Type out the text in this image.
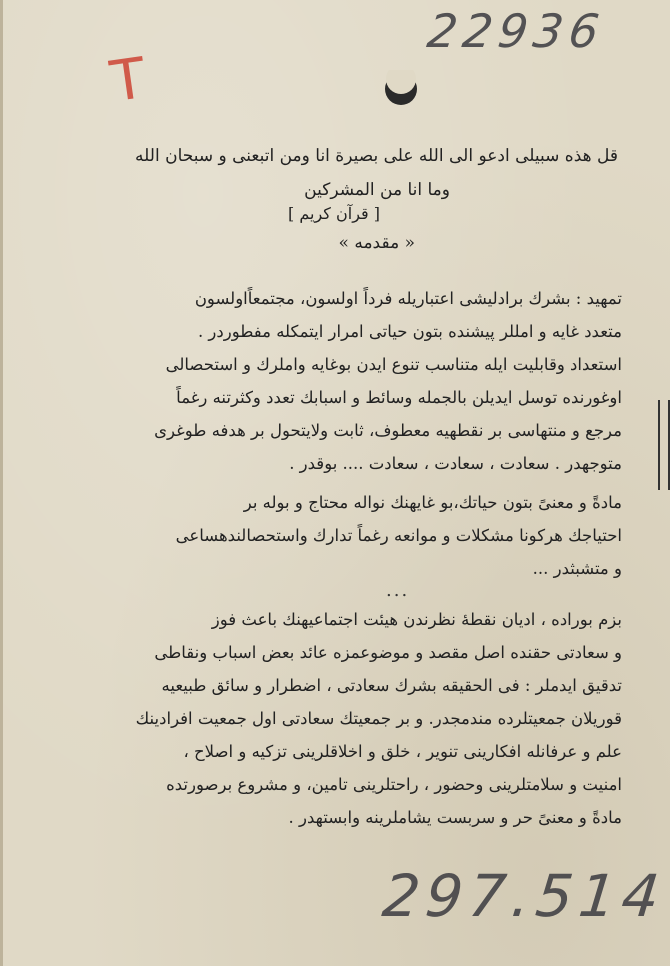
22936
T
قل هذه سبيلى ادعو الى الله على بصيرة انا ومن اتبعنى و سبحان الله
وما انا من المشركين
[ قرآن كريم ]
« مقدمه »
تمهيد : بشرك برادليشى اعتباريله فرداً اولسون، مجتمعاًاولسون
متعدد غايه و امللر پيشنده بتون حياتى امرار ايتمكله مفطوردر .
استعداد وقابليت ايله متناسب تنوع ايدن بوغايه واملرك و استحصالى
اوغورنده توسل ايديلن بالجمله وسائط و اسبابك تعدد وكثرتنه رغماً
مرجع و منتهاسى بر نقطهيه معطوف، ثابت ولايتحول بر هدفه طوغرى
متوجهدر . سعادت ، سعادت ، سعادت .... بوقدر .
مادةً و معنىً بتون حياتك،بو غايهنك نواله محتاج و بوله بر
احتياجك هركونا مشكلات و موانعه رغماً تدارك واستحصالندهساعى
و متشبثدر ...
...
بزم بوراده ، اديان نقطهٔ نظرندن هيئت اجتماعيهنك باعث فوز
و سعادتى حقنده اصل مقصد و موضوعمزه عائد بعض اسباب ونقاطى
تدقيق ايدملر : فى الحقيقه بشرك سعادتى ، اضطرار و سائق طبيعيه
قوريلان جمعيتلرده مندمجدر. و بر جمعيتك سعادتى اول جمعيت افرادينك
علم و عرفانله افكارينى تنوير ، خلق و اخلاقلرينى تزكيه و اصلاح ،
امنيت و سلامتلرينى وحضور ، راحتلرينى تامين، و مشروع برصورتده
مادةً و معنىً حر و سربست يشاملرينه وابستهدر .
297.514
